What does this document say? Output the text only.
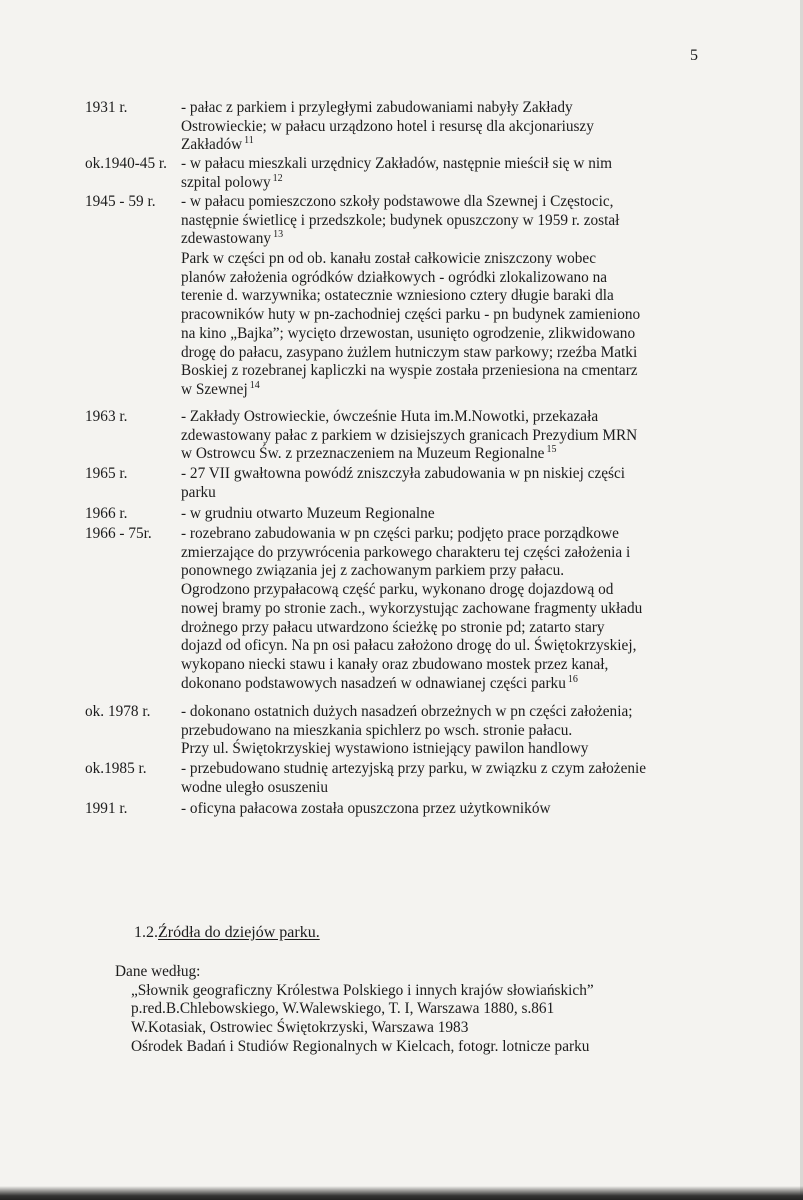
5
1931 r.	- pałac z parkiem i przyległymi zabudowaniami nabyły Zakłady
Ostrowieckie; w pałacu urządzono hotel i resursę dla akcjonariuszy
Zakładów $^{11}$
ok.1940-45 r. - w pałacu mieszkali urzędnicy Zakładów, następnie mieścił się w nim
szpital polowy $^{12}$
1945 - 59 r. - w pałacu pomieszczono szkoły podstawowe dla Szewnej i Częstocic,
następnie świetlicę i przedszkole; budynek opuszczony w 1959 r. został
zdewastowany $^{13}$
Park w części pn od ob. kanału został całkowicie zniszczony wobec
planów założenia ogródków działkowych - ogródki zlokalizowano na
terenie d. warzywnika; ostatecznie wzniesiono cztery długie baraki dla
pracowników huty w pn-zachodniej części parku - pn budynek zamieniono
na kino „Bajka”; wycięto drzewostan, usunięto ogrodzenie, zlikwidowano
drogę do pałacu, zasypano żużlem hutniczym staw parkowy; rzeźba Matki
Boskiej z rozebranej kapliczki na wyspie została przeniesiona na cmentarz
w Szewnej $^{14}$
1963 r.	- Zakłady Ostrowieckie, ówcześnie Huta im.M.Nowotki, przekazała
zdewastowany pałac z parkiem w dzisiejszych granicach Prezydium MRN
w Ostrowcu Św. z przeznaczeniem na Muzeum Regionalne $^{15}$
1965 r.	- 27 VII gwałtowna powódź zniszczyła zabudowania w pn niskiej części
parku
1966 r.	- w grudniu otwarto Muzeum Regionalne
1966 - 75r. - rozebrano zabudowania w pn części parku; podjęto prace porządkowe
zmierzające do przywrócenia parkowego charakteru tej części założenia i
ponownego związania jej z zachowanym parkiem przy pałacu.
Ogrodzono przypałacową część parku, wykonano drogę dojazdową od
nowej bramy po stronie zach., wykorzystując zachowane fragmenty układu
drożnego przy pałacu utwardzono ścieżkę po stronie pd; zatarto stary
dojazd od oficyn. Na pn osi pałacu założono drogę do ul. Świętokrzyskiej,
wykopano niecki stawu i kanały oraz zbudowano mostek przez kanał,
dokonano podstawowych nasadzeń w odnawianej części parku $^{16}$
ok. 1978 r. - dokonano ostatnich dużych nasadzeń obrzeżnych w pn części założenia;
przebudowano na mieszkania spichlerz po wsch. stronie pałacu.
Przy ul. Świętokrzyskiej wystawiono istniejący pawilon handlowy
ok.1985 r. - przebudowano studnię artezyjską przy parku, w związku z czym założenie
wodne uległo osuszeniu
1991 r.	- oficyna pałacowa została opuszczona przez użytkowników
1.2.Źródła do dziejów parku.
Dane według:
„Słownik geograficzny Królestwa Polskiego i innych krajów słowiańskich”
p.red.B.Chlebowskiego, W.Walewskiego, T. I, Warszawa 1880, s.861
W.Kotasiak, Ostrowiec Świętokrzyski, Warszawa 1983
Ośrodek Badań i Studiów Regionalnych w Kielcach, fotogr. lotnicze parku
